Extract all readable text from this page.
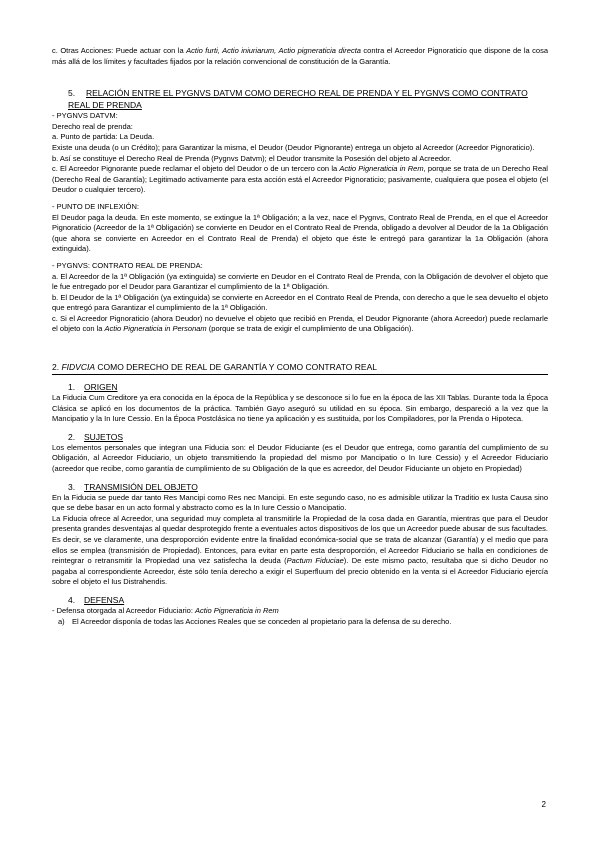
c. Otras Acciones: Puede actuar con la Actio furti, Actio iniuriarum, Actio pigneraticia directa contra el Acreedor Pignoraticio que dispone de la cosa más allá de los límites y facultades fijados por la relación convencional de constitución de la Garantía.

5. RELACIÓN ENTRE EL PYGNVS DATVM COMO DERECHO REAL DE PRENDA Y EL PYGNVS COMO CONTRATO REAL DE PRENDA

- PYGNVS DATVM:

Derecho real de prenda:

a. Punto de partida: La Deuda.

Existe una deuda (o un Crédito); para Garantizar la misma, el Deudor (Deudor Pignorante) entrega un objeto al Acreedor (Acreedor Pignoraticio).

b. Así se constituye el Derecho Real de Prenda (Pygnvs Datvm); el Deudor transmite la Posesión del objeto al Acreedor.

c. El Acreedor Pignorante puede reclamar el objeto del Deudor o de un tercero con la Actio Pigneraticia in Rem, porque se trata de un Derecho Real (Derecho Real de Garantía); Legitimado activamente para esta acción está el Acreedor Pignoraticio; pasivamente, cualquiera que posea el objeto (el Deudor o cualquier tercero).

- PUNTO DE INFLEXIÓN:

El Deudor paga la deuda. En este momento, se extingue la 1ª Obligación; a la vez, nace el Pygnvs, Contrato Real de Prenda, en el que el Acreedor Pignoraticio (Acreedor de la 1ª Obligación) se convierte en Deudor en el Contrato Real de Prenda, obligado a devolver al Deudor de la 1a Obligación (que ahora se convierte en Acreedor en el Contrato Real de Prenda) el objeto que éste le entregó para garantizar la 1a Obligación (ahora extinguida).

- PYGNVS: CONTRATO REAL DE PRENDA:

a. El Acreedor de la 1ª Obligación (ya extinguida) se convierte en Deudor en el Contrato Real de Prenda, con la Obligación de devolver el objeto que le fue entregado por el Deudor para Garantizar el cumplimiento de la 1ª Obligación.

b. El Deudor de la 1ª Obligación (ya extinguida) se convierte en Acreedor en el Contrato Real de Prenda, con derecho a que le sea devuelto el objeto que entregó para Garantizar el cumplimiento de la 1ª Obligación.

c. Si el Acreedor Pignoraticio (ahora Deudor) no devuelve el objeto que recibió en Prenda, el Deudor Pignorante (ahora Acreedor) puede reclamarle el objeto con la Actio Pigneraticia in Personam (porque se trata de exigir el cumplimiento de una Obligación).

2. FIDVCIA COMO DERECHO DE REAL DE GARANTÍA Y COMO CONTRATO REAL
1. ORIGEN

La Fiducia Cum Creditore ya era conocida en la época de la República y se desconoce si lo fue en la época de las XII Tablas. Durante toda la Época Clásica se aplicó en los documentos de la práctica. También Gayo aseguró su utilidad en su época. Sin embargo, despareció a la vez que la Mancipatio y la In Iure Cessio. En la Época Postclásica no tiene ya aplicación y es sustituida, por los Compiladores, por la Prenda o Hipoteca.

2. SUJETOS

Los elementos personales que integran una Fiducia son: el Deudor Fiduciante (es el Deudor que entrega, como garantía del cumplimiento de su Obligación, al Acreedor Fiduciario, un objeto transmitiendo la propiedad del mismo por Mancipatio o In Iure Cessio) y el Acreedor Fiduciario (acreedor que recibe, como garantía de cumplimiento de su Obligación de la que es acreedor, del Deudor Fiduciante un objeto en Propiedad)

3. TRANSMISIÓN DEL OBJETO

En la Fiducia se puede dar tanto Res Mancipi como Res nec Mancipi. En este segundo caso, no es admisible utilizar la Traditio ex Iusta Causa sino que se debe basar en un acto formal y abstracto como es la In Iure Cessio o Mancipatio.

La Fiducia ofrece al Acreedor, una seguridad muy completa al transmitirle la Propiedad de la cosa dada en Garantía, mientras que para el Deudor presenta grandes desventajas al quedar desprotegido frente a eventuales actos dispositivos de los que un Acreedor puede abusar de sus facultades. Es decir, se ve claramente, una desproporción evidente entre la finalidad económica-social que se trata de alcanzar (Garantía) y el medio que para ellos se emplea (transmisión de Propiedad). Entonces, para evitar en parte esta desproporción, el Acreedor Fiduciario se halla en condiciones de reintegrar o retransmitir la Propiedad una vez satisfecha la deuda (Pactum Fiduciae). De este mismo pacto, resultaba que si dicho Deudor no pagaba al correspondiente Acreedor, éste sólo tenía derecho a exigir el Superfluum del precio obtenido en la venta si el Acreedor Fiduciario ejercía sobre el objeto el Ius Distrahendis.

4. DEFENSA

- Defensa otorgada al Acreedor Fiduciario: Actio Pigneraticia in Rem

a) El Acreedor disponía de todas las Acciones Reales que se conceden al propietario para la defensa de su derecho.

2
